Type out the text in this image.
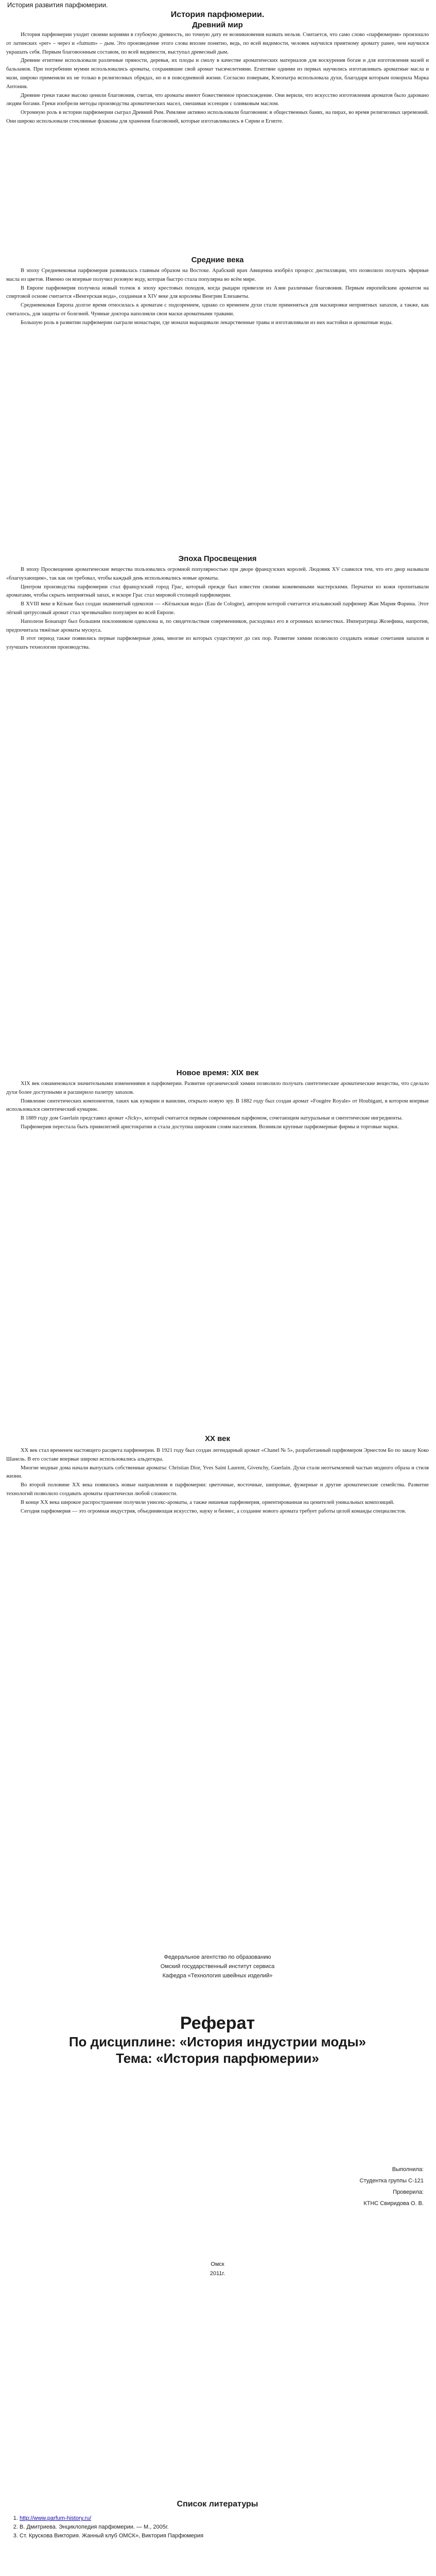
История развития парфюмерии.
История парфюмерии.
Древний мир

История парфюмерии уходит своими корнями в глубокую древность, но точную дату ее возникновения назвать нельзя. Считается, что само слово «парфюмерия» произошло от латинских «per» – через и «fumum» – дым. Это произведение этого слова вполне понятно, ведь, по всей видимости, человек научился приятному аромату ранее, чем научился украшать себя. Первым благовоонным составом, по всей видимости, выступал древесный дым.

Древние египтяне использовали различные пряности, деревья, их плоды и смолу в качестве ароматических материалов для воскурения богам и для изготовления мазей и бальзамов. При погребении мумии использовались ароматы, сохранявшие свой аромат тысячелетиями. Египтяне одними из первых научились изготавливать ароматные масла и мази, широко применяли их не только в религиозных обрядах, но и в повседневной жизни. Согласно поверьям, Клеопатра использовала духи, благодаря которым покорила Марка Антония.

Древние греки также высоко ценили благовония, считая, что ароматы имеют божественное происхождение. Они верили, что искусство изготовления ароматов было даровано людям богами. Греки изобрели методы производства ароматических масел, смешивая эссенции с оливковым маслом.

Огромную роль в истории парфюмерии сыграл Древний Рим. Римляне активно использовали благовония: в общественных банях, на пирах, во время религиозных церемоний. Они широко использовали стеклянные флаконы для хранения благовоний, которые изготавливались в Сирии и Египте.

Средние века

В эпоху Средневековья парфюмерия развивалась главным образом на Востоке. Арабский врач Авиценна изобрёл процесс дистилляции, что позволило получать эфирные масла из цветов. Именно он впервые получил розовую воду, которая быстро стала популярна во всём мире.

В Европе парфюмерия получила новый толчок в эпоху крестовых походов, когда рыцари привезли из Азии различные благовония. Первым европейским ароматом на спиртовой основе считается «Венгерская вода», созданная в XIV веке для королевы Венгрии Елизаветы.

Средневековая Европа долгое время относилась к ароматам с подозрением, однако со временем духи стали применяться для маскировки неприятных запахов, а также, как считалось, для защиты от болезней. Чумные доктора наполняли свои маски ароматными травами.

Большую роль в развитии парфюмерии сыграли монастыри, где монахи выращивали лекарственные травы и изготавливали из них настойки и ароматные воды.

Эпоха Просвещения

В эпоху Просвещения ароматические вещества пользовались огромной популярностью при дворе французских королей. Людовик XV славился тем, что его двор называли «благоухающим», так как он требовал, чтобы каждый день использовались новые ароматы.

Центром производства парфюмерии стал французский город Грас, который прежде был известен своими кожевенными мастерскими. Перчатки из кожи пропитывали ароматами, чтобы скрыть неприятный запах, и вскоре Грас стал мировой столицей парфюмерии.

В XVIII веке в Кёльне был создан знаменитый одеколон — «Кёльнская вода» (Eau de Cologne), автором которой считается итальянский парфюмер Жан Мария Фарина. Этот лёгкий цитрусовый аромат стал чрезвычайно популярен во всей Европе.

Наполеон Бонапарт был большим поклонником одеколона и, по свидетельствам современников, расходовал его в огромных количествах. Императрица Жозефина, напротив, предпочитала тяжёлые ароматы мускуса.

В этот период также появились первые парфюмерные дома, многие из которых существуют до сих пор. Развитие химии позволило создавать новые сочетания запахов и улучшать технологии производства.

Новое время: XIX век

XIX век ознаменовался значительными изменениями в парфюмерии. Развитие органической химии позволило получать синтетические ароматические вещества, что сделало духи более доступными и расширило палитру запахов.

Появление синтетических компонентов, таких как кумарин и ванилин, открыло новую эру. В 1882 году был создан аромат «Fougère Royale» от Houbigant, в котором впервые использовался синтетический кумарин.

В 1889 году дом Guerlain представил аромат «Jicky», который считается первым современным парфюмом, сочетающим натуральные и синтетические ингредиенты.

Парфюмерия перестала быть привилегией аристократии и стала доступна широким слоям населения. Возникли крупные парфюмерные фирмы и торговые марки.

ХХ век

XX век стал временем настоящего расцвета парфюмерии. В 1921 году был создан легендарный аромат «Chanel № 5», разработанный парфюмером Эрнестом Бо по заказу Коко Шанель. В его составе впервые широко использовались альдегиды.

Многие модные дома начали выпускать собственные ароматы: Christian Dior, Yves Saint Laurent, Givenchy, Guerlain. Духи стали неотъемлемой частью модного образа и стиля жизни.

Во второй половине ХХ века появились новые направления в парфюмерии: цветочные, восточные, шипровые, фужерные и другие ароматические семейства. Развитие технологий позволило создавать ароматы практически любой сложности.

В конце ХХ века широкое распространение получили унисекс-ароматы, а также нишевая парфюмерия, ориентированная на ценителей уникальных композиций.

Сегодня парфюмерия — это огромная индустрия, объединяющая искусство, науку и бизнес, а создание нового аромата требует работы целой команды специалистов.

Федеральное агентство по образованию
Омский государственный институт сервиса
Кафедра «Технология швейных изделий»
Реферат
По дисциплине: «История индустрии моды»
Тема: «История парфюмерии»
Выполнила:
Студентка группы С-121
Проверила:
КТНС Свиридова О. В.
Омск
2011г.
Список литературы
1. http://www.parfum-history.ru/
2. В. Дмитриева. Энциклопедия парфюмерии. — М., 2005г.
3. Ст. Крускова Виктория. Жанный клуб ОМСК», Виктория Парфюмерия
